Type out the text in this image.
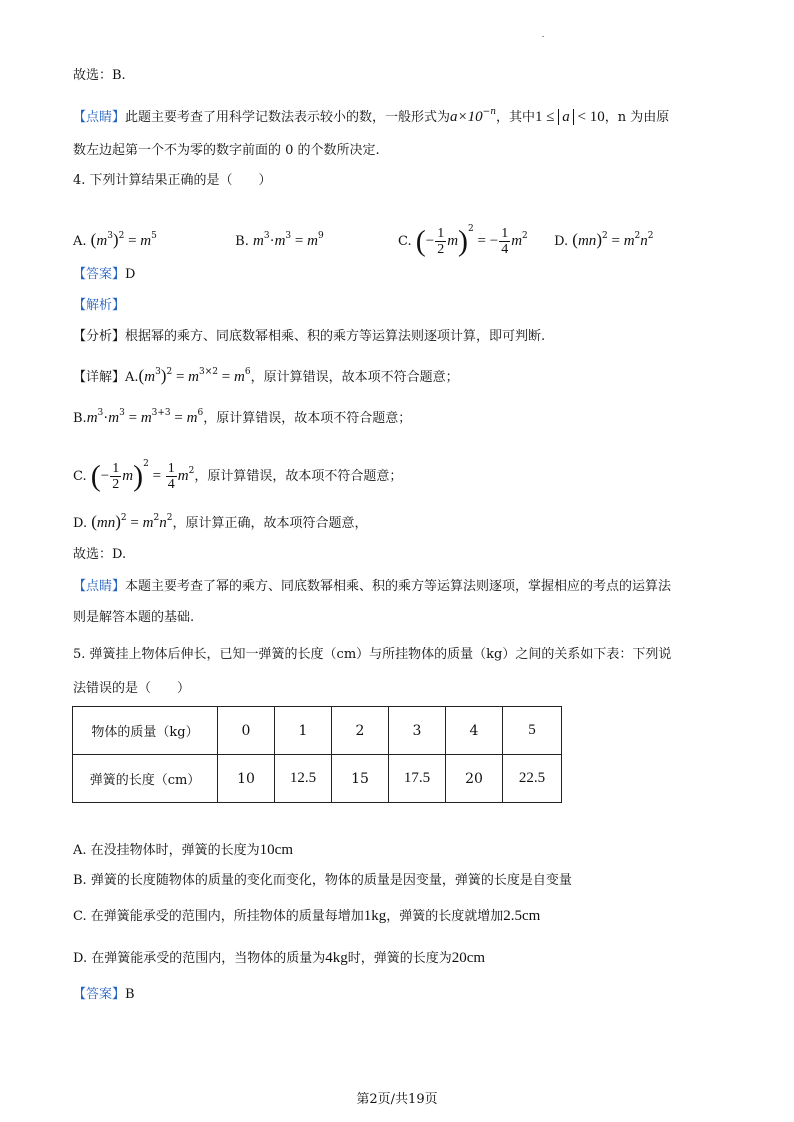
故选：B.
【点睛】此题主要考查了用科学记数法表示较小的数，一般形式为$a\times 10^{-n}$，其中1 ≤ a < 10，n 为由原
数左边起第一个不为零的数字前面的 0 的个数所决定.
4. 下列计算结果正确的是（　　）
A. $(m^3)^2 = m^5$	B. $m^3\cdot m^3 = m^9$	C. (− $\frac{1}{2} m)^2$ = − $\frac{1}{4} m^2$ D. $(mn)^2 = m^2n^2$
【答案】D
【解析】
【分析】根据幂的乘方、同底数幂相乘、积的乘方等运算法则逐项计算，即可判断.
【详解】$A.(m^3)^2 = m^{3\times 2} = m^6$，原计算错误，故本项不符合题意；
$B.m^3\cdot m^3 = m^{3+3} = m^6$，原计算错误，故本项不符合题意；
C. (− $\frac{1}{2} m)^2 = \frac{1}{4} m^2$，原计算错误，故本项不符合题意；
D. $(mn)^2 = m^2n^2$，原计算正确，故本项符合题意，
故选：D.
【点睛】本题主要考查了幂的乘方、同底数幂相乘、积的乘方等运算法则逐项，掌握相应的考点的运算法
则是解答本题的基础.
5. 弹簧挂上物体后伸长，已知一弹簧的长度（cm）与所挂物体的质量（kg）之间的关系如下表：下列说
法错误的是（　　）
物体的质量（kg）	0	1	2	3	4	5
弹簧的长度（cm）	10	12.5	15	17.5	20	22.5
A. 在没挂物体时，弹簧的长度为10cm
B. 弹簧的长度随物体的质量的变化而变化，物体的质量是因变量，弹簧的长度是自变量
C. 在弹簧能承受的范围内，所挂物体的质量每增加1kg，弹簧的长度就增加2.5cm
D. 在弹簧能承受的范围内，当物体的质量为4kg时，弹簧的长度为20cm
【答案】B
第2页/共19页
